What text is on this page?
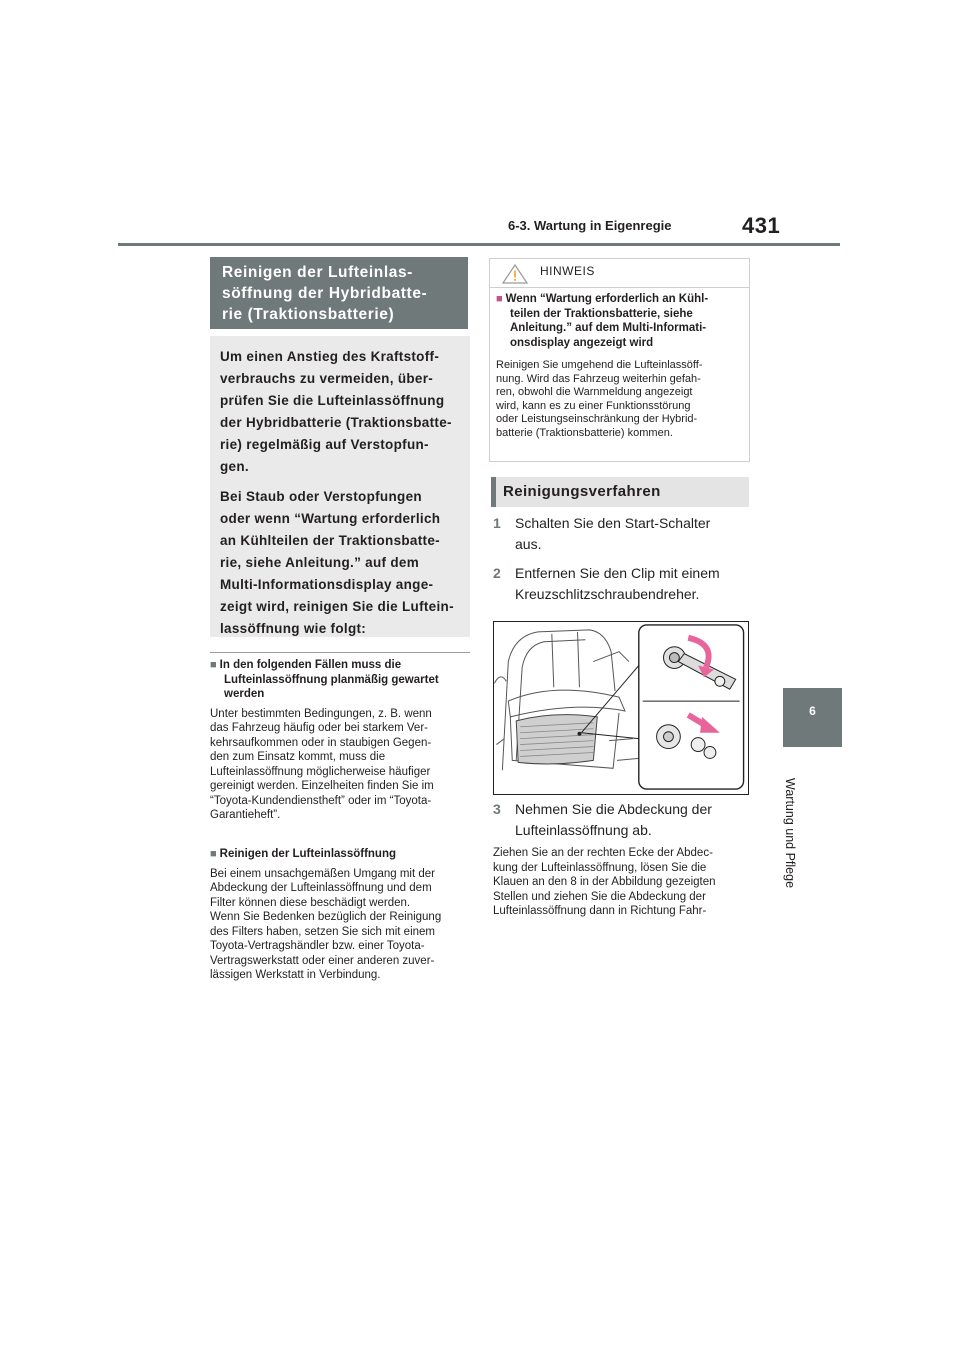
6-3. Wartung in Eigenregie	431
6
Wartung und Pflege
Reinigen der Lufteinlas-
söffnung der Hybridbatte-
rie (Traktionsbatterie)

Um einen Anstieg des Kraftstoff-
verbrauchs zu vermeiden, über-
prüfen Sie die Lufteinlassöffnung
der Hybridbatterie (Traktionsbatte-
rie) regelmäßig auf Verstopfun-
gen.

Bei Staub oder Verstopfungen
oder wenn “Wartung erforderlich
an Kühlteilen der Traktionsbatte-
rie, siehe Anleitung.” auf dem
Multi-Informationsdisplay ange-
zeigt wird, reinigen Sie die Luftein-
lassöffnung wie folgt:

■ In den folgenden Fällen muss die
Lufteinlassöffnung planmäßig gewartet
werden
Unter bestimmten Bedingungen, z. B. wenn
das Fahrzeug häufig oder bei starkem Ver-
kehrsaufkommen oder in staubigen Gegen-
den zum Einsatz kommt, muss die
Lufteinlassöffnung möglicherweise häufiger
gereinigt werden. Einzelheiten finden Sie im
“Toyota-Kundendienstheft” oder im “Toyota-
Garantieheft”.
■ Reinigen der Lufteinlassöffnung
Bei einem unsachgemäßen Umgang mit der
Abdeckung der Lufteinlassöffnung und dem
Filter können diese beschädigt werden.
Wenn Sie Bedenken bezüglich der Reinigung
des Filters haben, setzen Sie sich mit einem
Toyota-Vertragshändler bzw. einer Toyota-
Vertragswerkstatt oder einer anderen zuver-
lässigen Werkstatt in Verbindung.
HINWEIS
■ Wenn “Wartung erforderlich an Kühl-
teilen der Traktionsbatterie, siehe
Anleitung.” auf dem Multi-Informati-
onsdisplay angezeigt wird
Reinigen Sie umgehend die Lufteinlassöff-
nung. Wird das Fahrzeug weiterhin gefah-
ren, obwohl die Warnmeldung angezeigt
wird, kann es zu einer Funktionsstörung
oder Leistungseinschränkung der Hybrid-
batterie (Traktionsbatterie) kommen.
Reinigungsverfahren
1	Schalten Sie den Start-Schalter
aus.
2	Entfernen Sie den Clip mit einem
Kreuzschlitzschraubendreher.
3	Nehmen Sie die Abdeckung der
Lufteinlassöffnung ab.
Ziehen Sie an der rechten Ecke der Abdec-
kung der Lufteinlassöffnung, lösen Sie die
Klauen an den 8 in der Abbildung gezeigten
Stellen und ziehen Sie die Abdeckung der
Lufteinlassöffnung dann in Richtung Fahr-
